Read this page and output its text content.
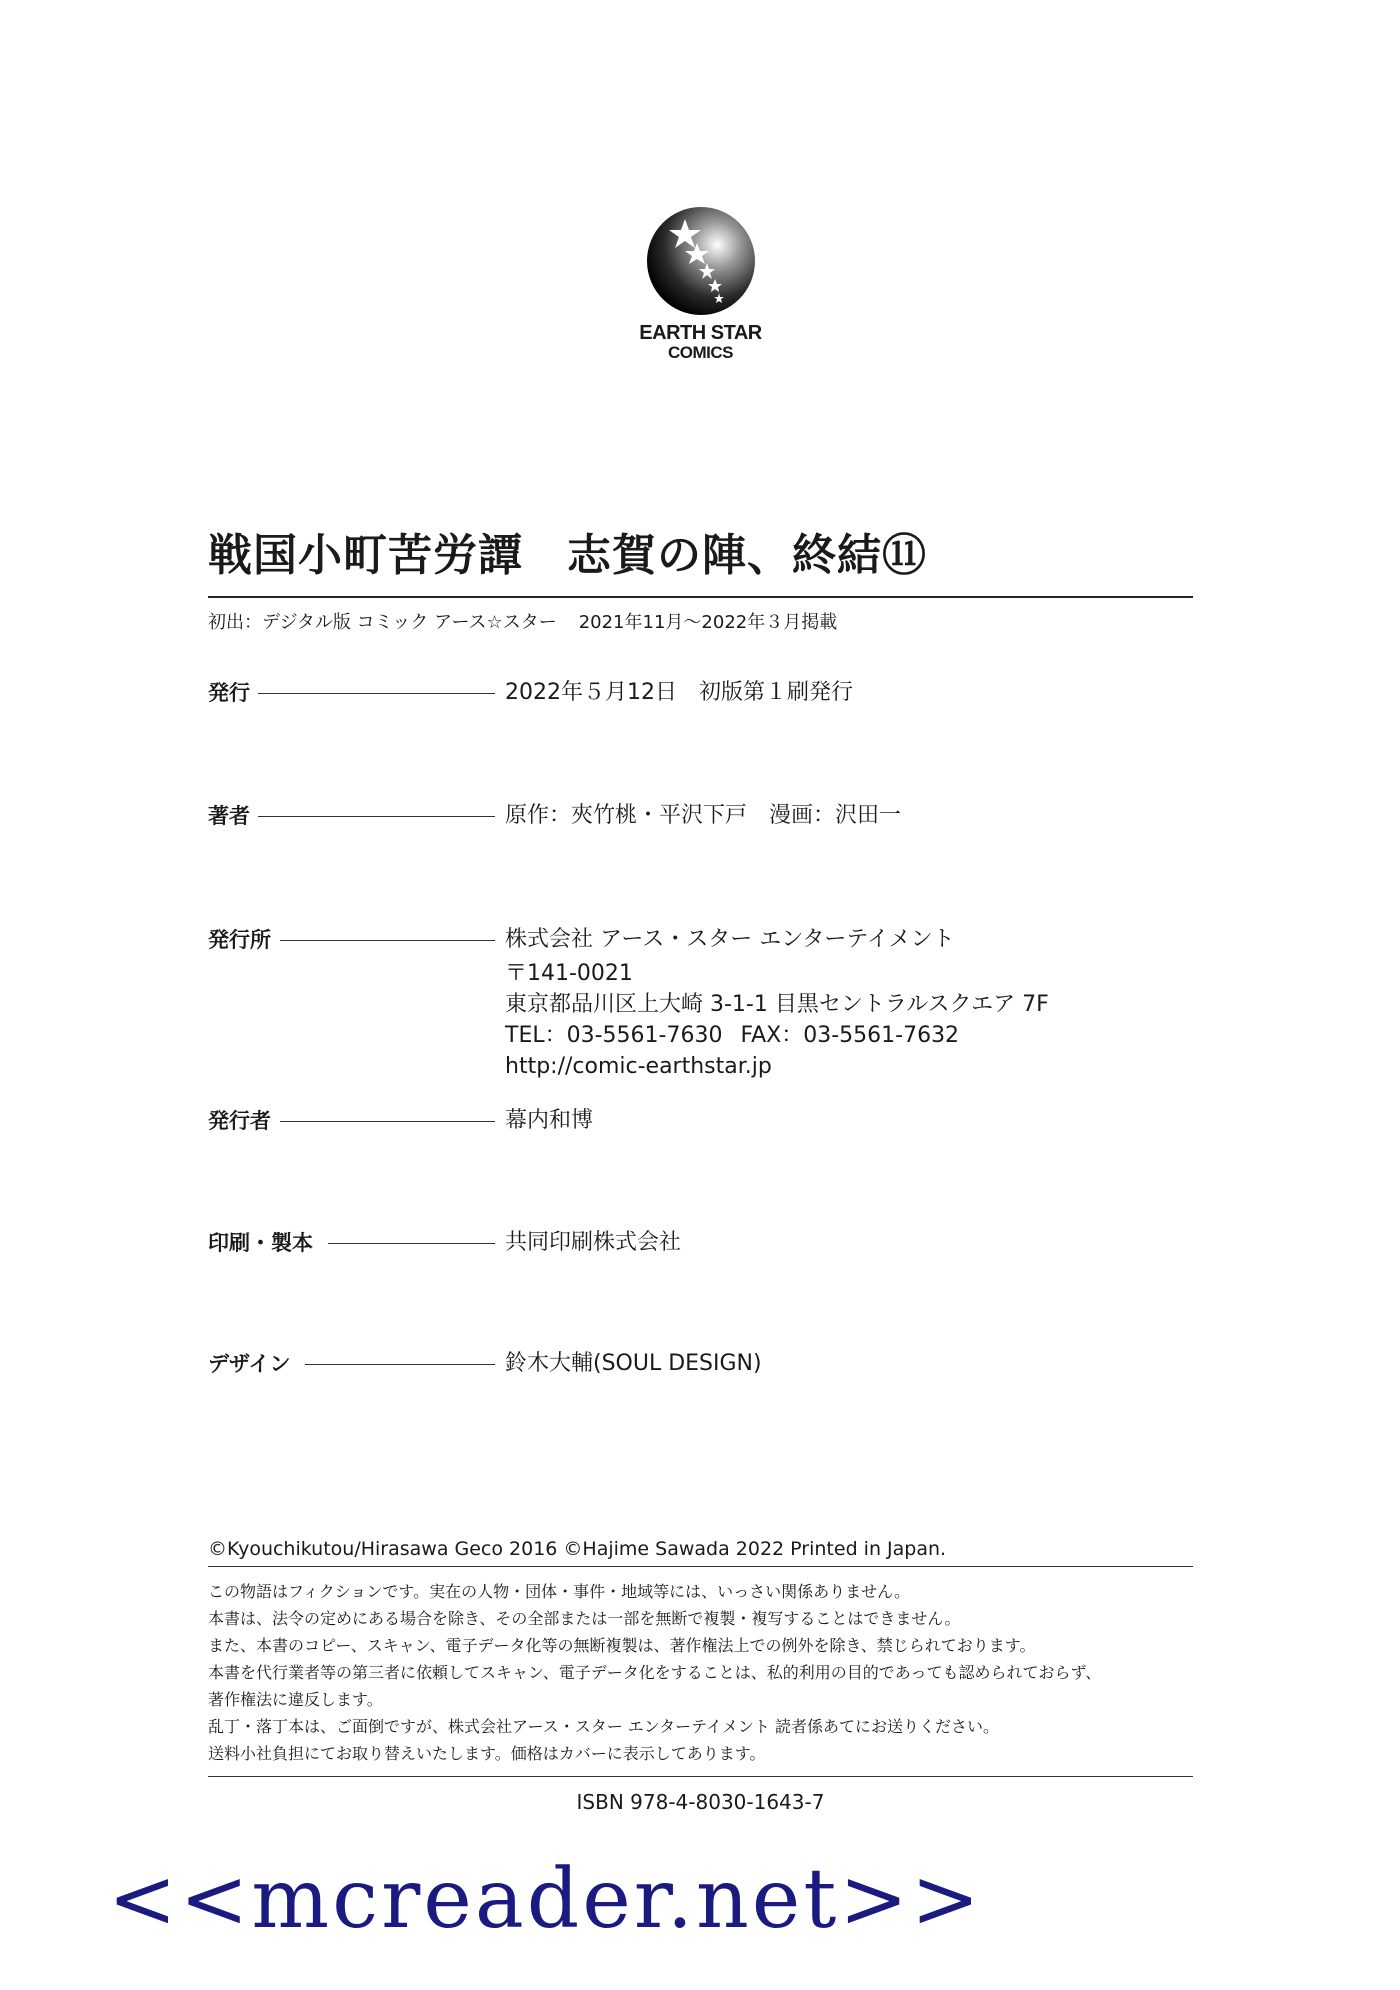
EARTH STAR
COMICS
戦国小町苦労譚 志賀の陣、終結⑪
初出：デジタル版 コミック アース☆スター 2021年11月～2022年３月掲載
発行	2022年５月12日　初版第１刷発行
著者	原作：夾竹桃・平沢下戸　漫画：沢田一
発行所	株式会社 アース・スター エンターテイメント
〒141-0021
東京都品川区上大崎 3-1-1 目黒セントラルスクエア 7F
TEL：03-5561-7630 FAX：03-5561-7632
http://comic-earthstar.jp
発行者	幕内和博
印刷・製本	共同印刷株式会社
デザイン	鈴木大輔(SOUL DESIGN)
©Kyouchikutou/Hirasawa Geco 2016 ©Hajime Sawada 2022 Printed in Japan.
この物語はフィクションです。実在の人物・団体・事件・地域等には、いっさい関係ありません。
本書は、法令の定めにある場合を除き、その全部または一部を無断で複製・複写することはできません。
また、本書のコピー、スキャン、電子データ化等の無断複製は、著作権法上での例外を除き、禁じられております。
本書を代行業者等の第三者に依頼してスキャン、電子データ化をすることは、私的利用の目的であっても認められておらず、
著作権法に違反します。
乱丁・落丁本は、ご面倒ですが、株式会社アース・スター エンターテイメント 読者係あてにお送りください。
送料小社負担にてお取り替えいたします。価格はカバーに表示してあります。
ISBN 978-4-8030-1643-7
<<mcreader.net>>
